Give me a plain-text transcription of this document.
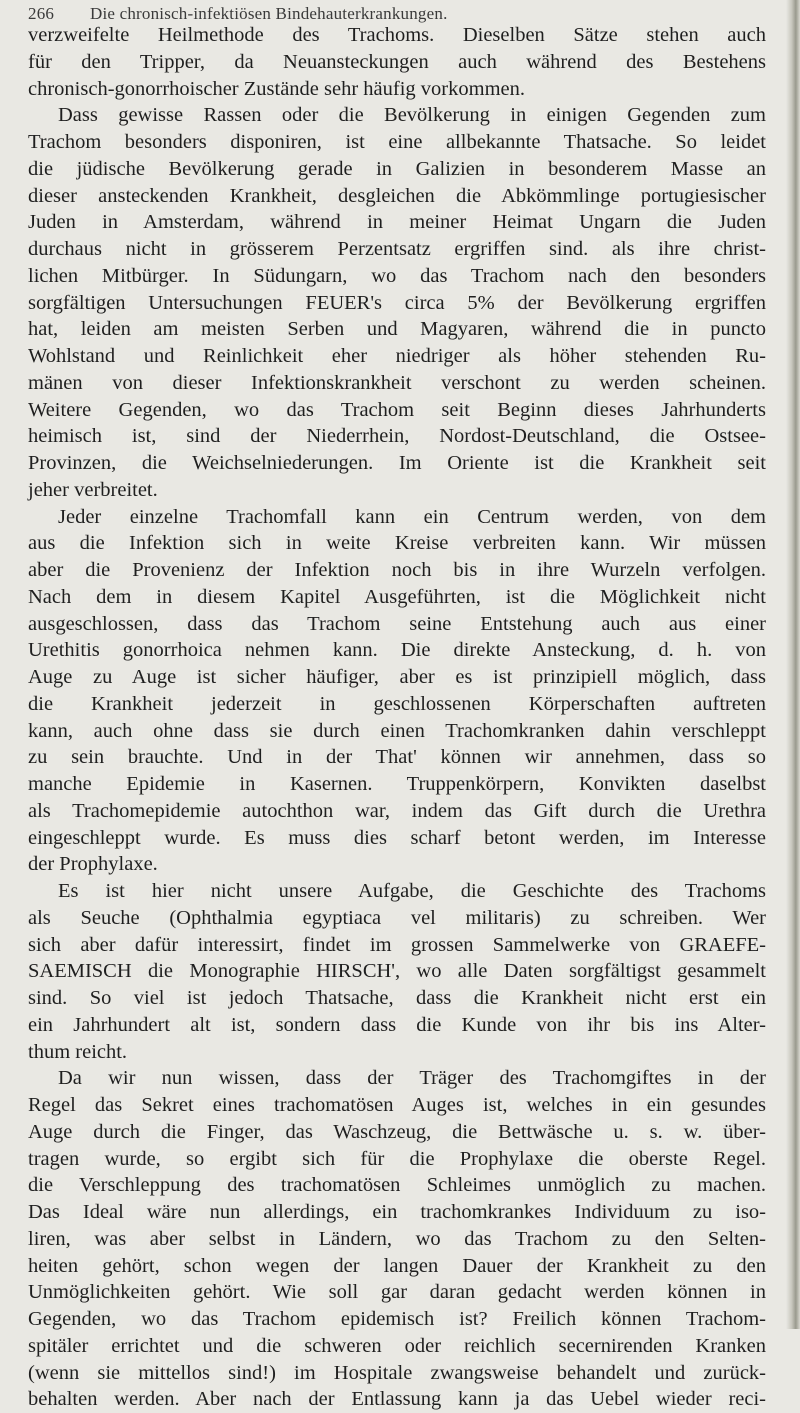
266	Die chronisch-infektiösen Bindehauterkrankungen.
verzweifelte Heilmethode des Trachoms. Dieselben Sätze stehen auch
für den Tripper, da Neuansteckungen auch während des Bestehens
chronisch-gonorrhoischer Zustände sehr häufig vorkommen.
Dass gewisse Rassen oder die Bevölkerung in einigen Gegenden zum
Trachom besonders disponiren, ist eine allbekannte Thatsache. So leidet
die jüdische Bevölkerung gerade in Galizien in besonderem Masse an
dieser ansteckenden Krankheit, desgleichen die Abkömmlinge portugiesischer
Juden in Amsterdam, während in meiner Heimat Ungarn die Juden
durchaus nicht in grösserem Perzentsatz ergriffen sind. als ihre christ-
lichen Mitbürger. In Südungarn, wo das Trachom nach den besonders
sorgfältigen Untersuchungen FEUER's circa 5% der Bevölkerung ergriffen
hat, leiden am meisten Serben und Magyaren, während die in puncto
Wohlstand und Reinlichkeit eher niedriger als höher stehenden Ru-
mänen von dieser Infektionskrankheit verschont zu werden scheinen.
Weitere Gegenden, wo das Trachom seit Beginn dieses Jahrhunderts
heimisch ist, sind der Niederrhein, Nordost-Deutschland, die Ostsee-
Provinzen, die Weichselniederungen. Im Oriente ist die Krankheit seit
jeher verbreitet.
Jeder einzelne Trachomfall kann ein Centrum werden, von dem
aus die Infektion sich in weite Kreise verbreiten kann. Wir müssen
aber die Provenienz der Infektion noch bis in ihre Wurzeln verfolgen.
Nach dem in diesem Kapitel Ausgeführten, ist die Möglichkeit nicht
ausgeschlossen, dass das Trachom seine Entstehung auch aus einer
Urethitis gonorrhoica nehmen kann. Die direkte Ansteckung, d. h. von
Auge zu Auge ist sicher häufiger, aber es ist prinzipiell möglich, dass
die Krankheit jederzeit in geschlossenen Körperschaften auftreten
kann, auch ohne dass sie durch einen Trachomkranken dahin verschleppt
zu sein brauchte. Und in der That' können wir annehmen, dass so
manche Epidemie in Kasernen. Truppenkörpern, Konvikten daselbst
als Trachomepidemie autochthon war, indem das Gift durch die Urethra
eingeschleppt wurde. Es muss dies scharf betont werden, im Interesse
der Prophylaxe.
Es ist hier nicht unsere Aufgabe, die Geschichte des Trachoms
als Seuche (Ophthalmia egyptiaca vel militaris) zu schreiben. Wer
sich aber dafür interessirt, findet im grossen Sammelwerke von GRAEFE-
SAEMISCH die Monographie HIRSCH', wo alle Daten sorgfältigst gesammelt
sind. So viel ist jedoch Thatsache, dass die Krankheit nicht erst ein
ein Jahrhundert alt ist, sondern dass die Kunde von ihr bis ins Alter-
thum reicht.
Da wir nun wissen, dass der Träger des Trachomgiftes in der
Regel das Sekret eines trachomatösen Auges ist, welches in ein gesundes
Auge durch die Finger, das Waschzeug, die Bettwäsche u. s. w. über-
tragen wurde, so ergibt sich für die Prophylaxe die oberste Regel.
die Verschleppung des trachomatösen Schleimes unmöglich zu machen.
Das Ideal wäre nun allerdings, ein trachomkrankes Individuum zu iso-
liren, was aber selbst in Ländern, wo das Trachom zu den Selten-
heiten gehört, schon wegen der langen Dauer der Krankheit zu den
Unmöglichkeiten gehört. Wie soll gar daran gedacht werden können in
Gegenden, wo das Trachom epidemisch ist? Freilich können Trachom-
spitäler errichtet und die schweren oder reichlich secernirenden Kranken
(wenn sie mittellos sind!) im Hospitale zwangsweise behandelt und zurück-
behalten werden. Aber nach der Entlassung kann ja das Uebel wieder reci-
